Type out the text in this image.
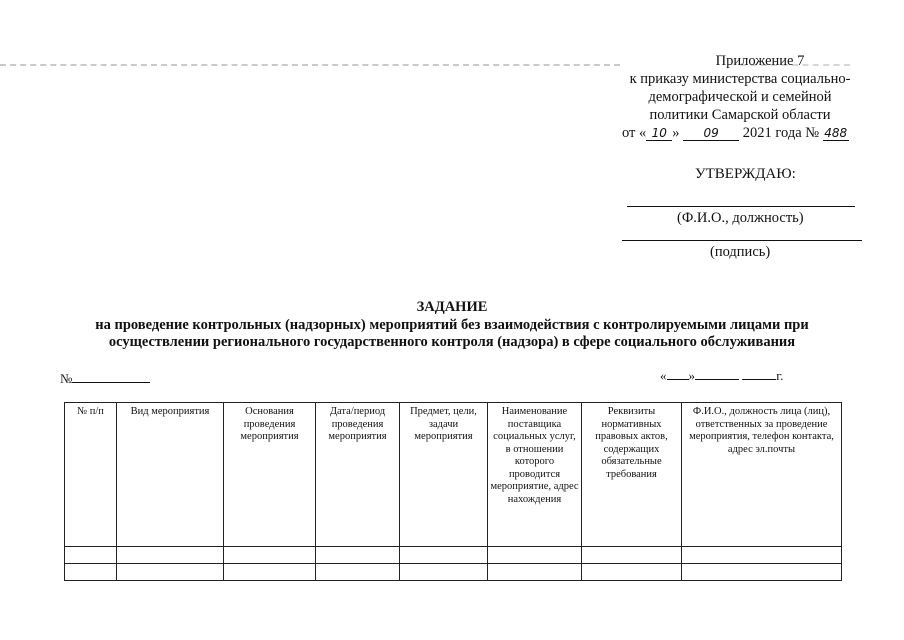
Приложение 7
к приказу министерства социально-
демографической и семейной
политики Самарской области
от « 10 » 09 2021 года № 488
УТВЕРЖДАЮ:
(Ф.И.О., должность)
(подпись)
ЗАДАНИЕ
на проведение контрольных (надзорных) мероприятий без взаимодействия с контролируемыми лицами при
осуществлении регионального государственного контроля (надзора) в сфере социального обслуживания
№	« »	г.
№ п/п	Вид мероприятия	Основания проведения мероприятия	Дата/период проведения мероприятия	Предмет, цели, задачи мероприятия	Наименование поставщика социальных услуг, в отношении которого проводится мероприятие, адрес нахождения	Реквизиты нормативных правовых актов, содержащих обязательные требования	Ф.И.О., должность лица (лиц), ответственных за проведение мероприятия, телефон контакта, адрес эл.почты
